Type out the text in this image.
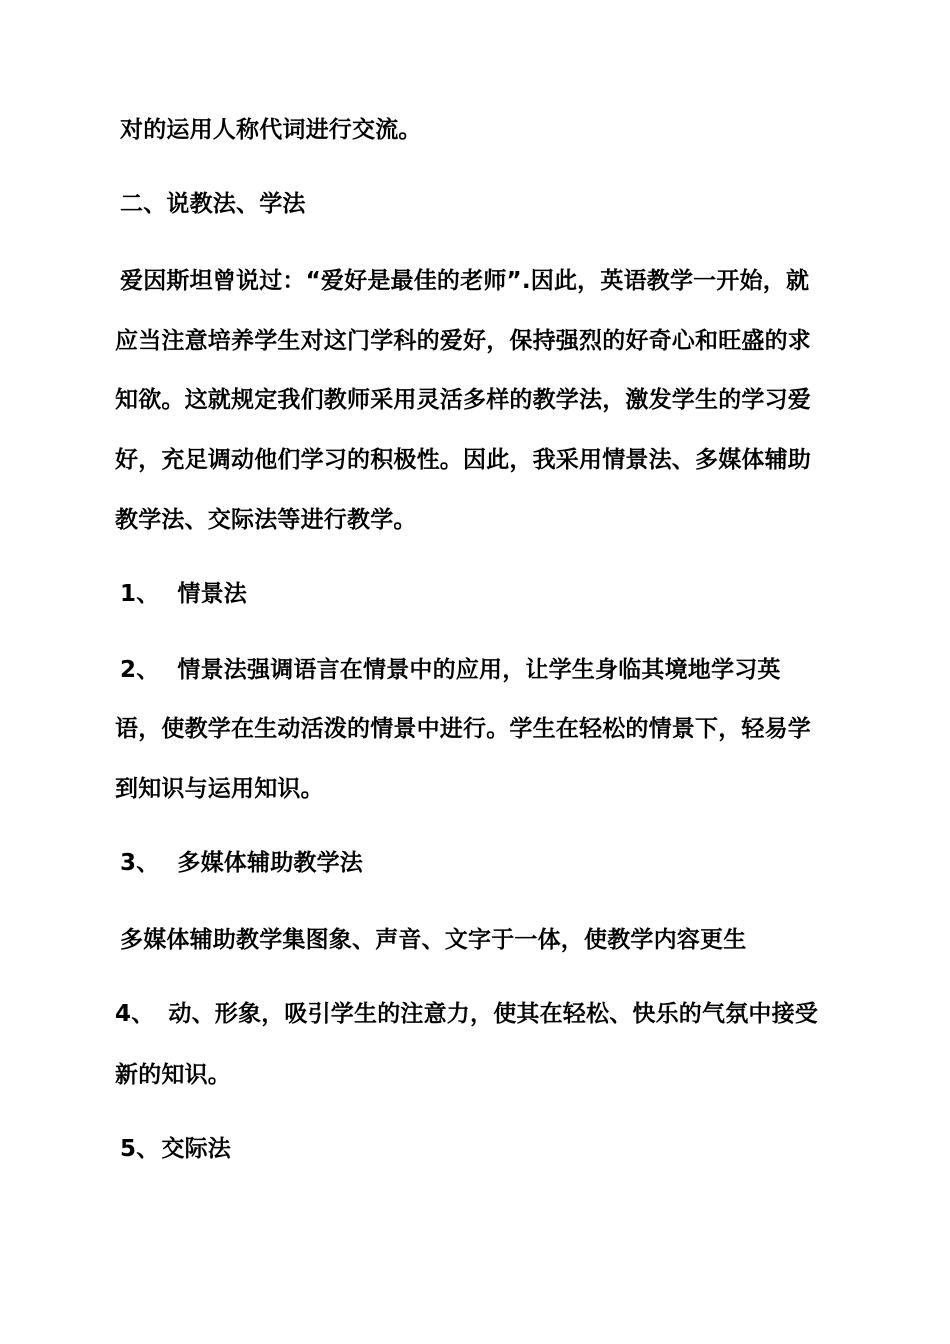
对的运用人称代词进行交流。
二、说教法、学法
爱因斯坦曾说过：“爱好是最佳的老师”.因此，英语教学一开始，就
应当注意培养学生对这门学科的爱好，保持强烈的好奇心和旺盛的求
知欲。这就规定我们教师采用灵活多样的教学法，激发学生的学习爱
好，充足调动他们学习的积极性。因此，我采用情景法、多媒体辅助
教学法、交际法等进行教学。
1、 情景法
2、 情景法强调语言在情景中的应用，让学生身临其境地学习英
语，使教学在生动活泼的情景中进行。学生在轻松的情景下，轻易学
到知识与运用知识。
3、 多媒体辅助教学法
多媒体辅助教学集图象、声音、文字于一体，使教学内容更生
4、 动、形象，吸引学生的注意力，使其在轻松、快乐的气氛中接受
新的知识。
5、交际法
